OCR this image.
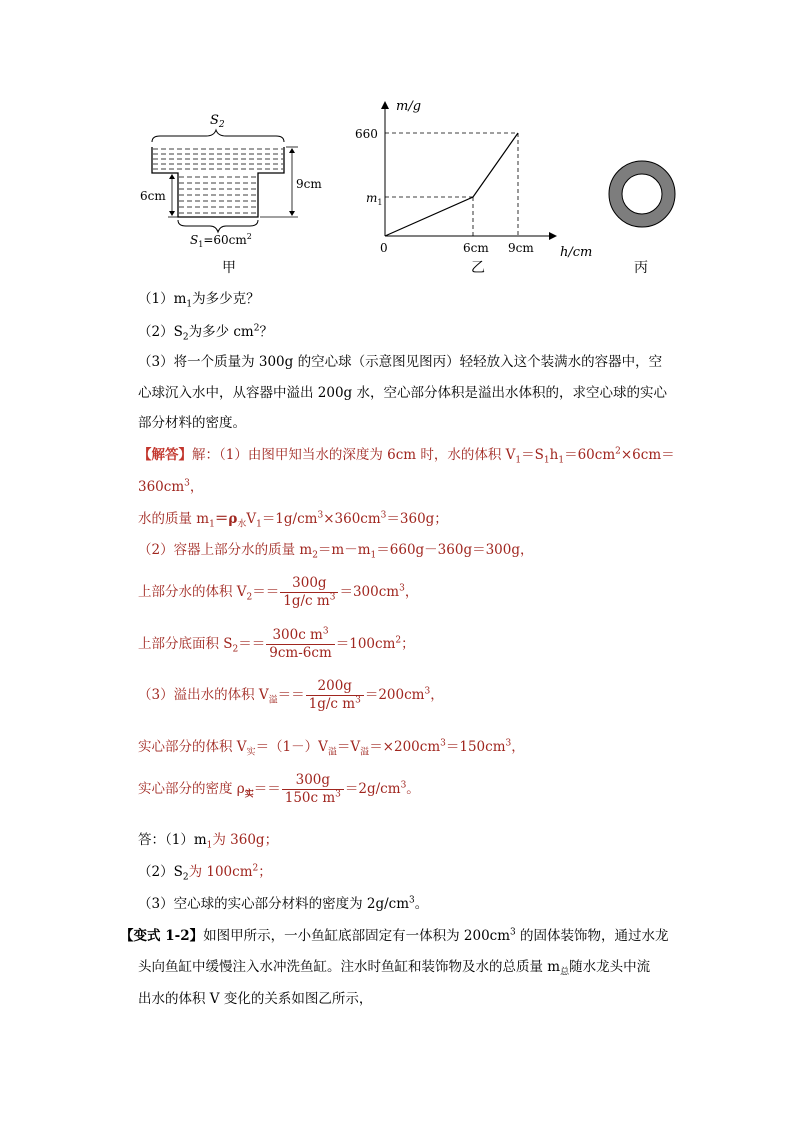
$S_2$
6cm
9cm
$S_1=60cm^2$
甲
m/g
h/cm
660
$m_1$
0	6cm 9cm
乙	丙
$(1)m_1$为多少克？
$(2)S_2$为多少 $cm^2$？
（3）将一个质量为 300g 的空心球（示意图见图丙）轻轻放入这个装满水的容器中，空
心球沉入水中，从容器中溢出 200g 水，空心部分体积是溢出水体积的，求空心球的实心
部分材料的密度。
【解答】解：（1）由图甲知当水的深度为 6cm 时，水的体积 $V_1=S_1h_1=60cm^2\times 6cm=$
$360cm^3$，
水的质量 $m_1=\rho_水V_1=1g/cm^3\times 360cm^3=360g$；
（2）容器上部分水的质量 $m_2=m-m_1=660g-360g=300g$，
上部分水的体积 $V_2== \frac{300g}{1g/c m^3} =300cm^3$，
上部分底面积 $S_2== \frac{300c m^3}{9cm-6cm} =100cm^2$；
（3）溢出水的体积 $V_溢== \frac{200g}{1g/c m^3} =200cm^3$，
实心部分的体积 $V_实=(1-)V_溢=V_溢=\times 200cm^3=150cm^3$，
实心部分的密度 $\rho_实== \frac{300g}{150c m^3} =2g/cm^3$。
答：$(1)m_1$为 360g；
$(2)S_2$为 $100cm^2$；
（3）空心球的实心部分材料的密度为 $2g/cm^3$。
【变式 1-2】如图甲所示，一小鱼缸底部固定有一体积为 $200cm^3$ 的固体装饰物，通过水龙
头向鱼缸中缓慢注入水冲洗鱼缸。注水时鱼缸和装饰物及水的总质量 $m_总$随水龙头中流
出水的体积 V 变化的关系如图乙所示，
